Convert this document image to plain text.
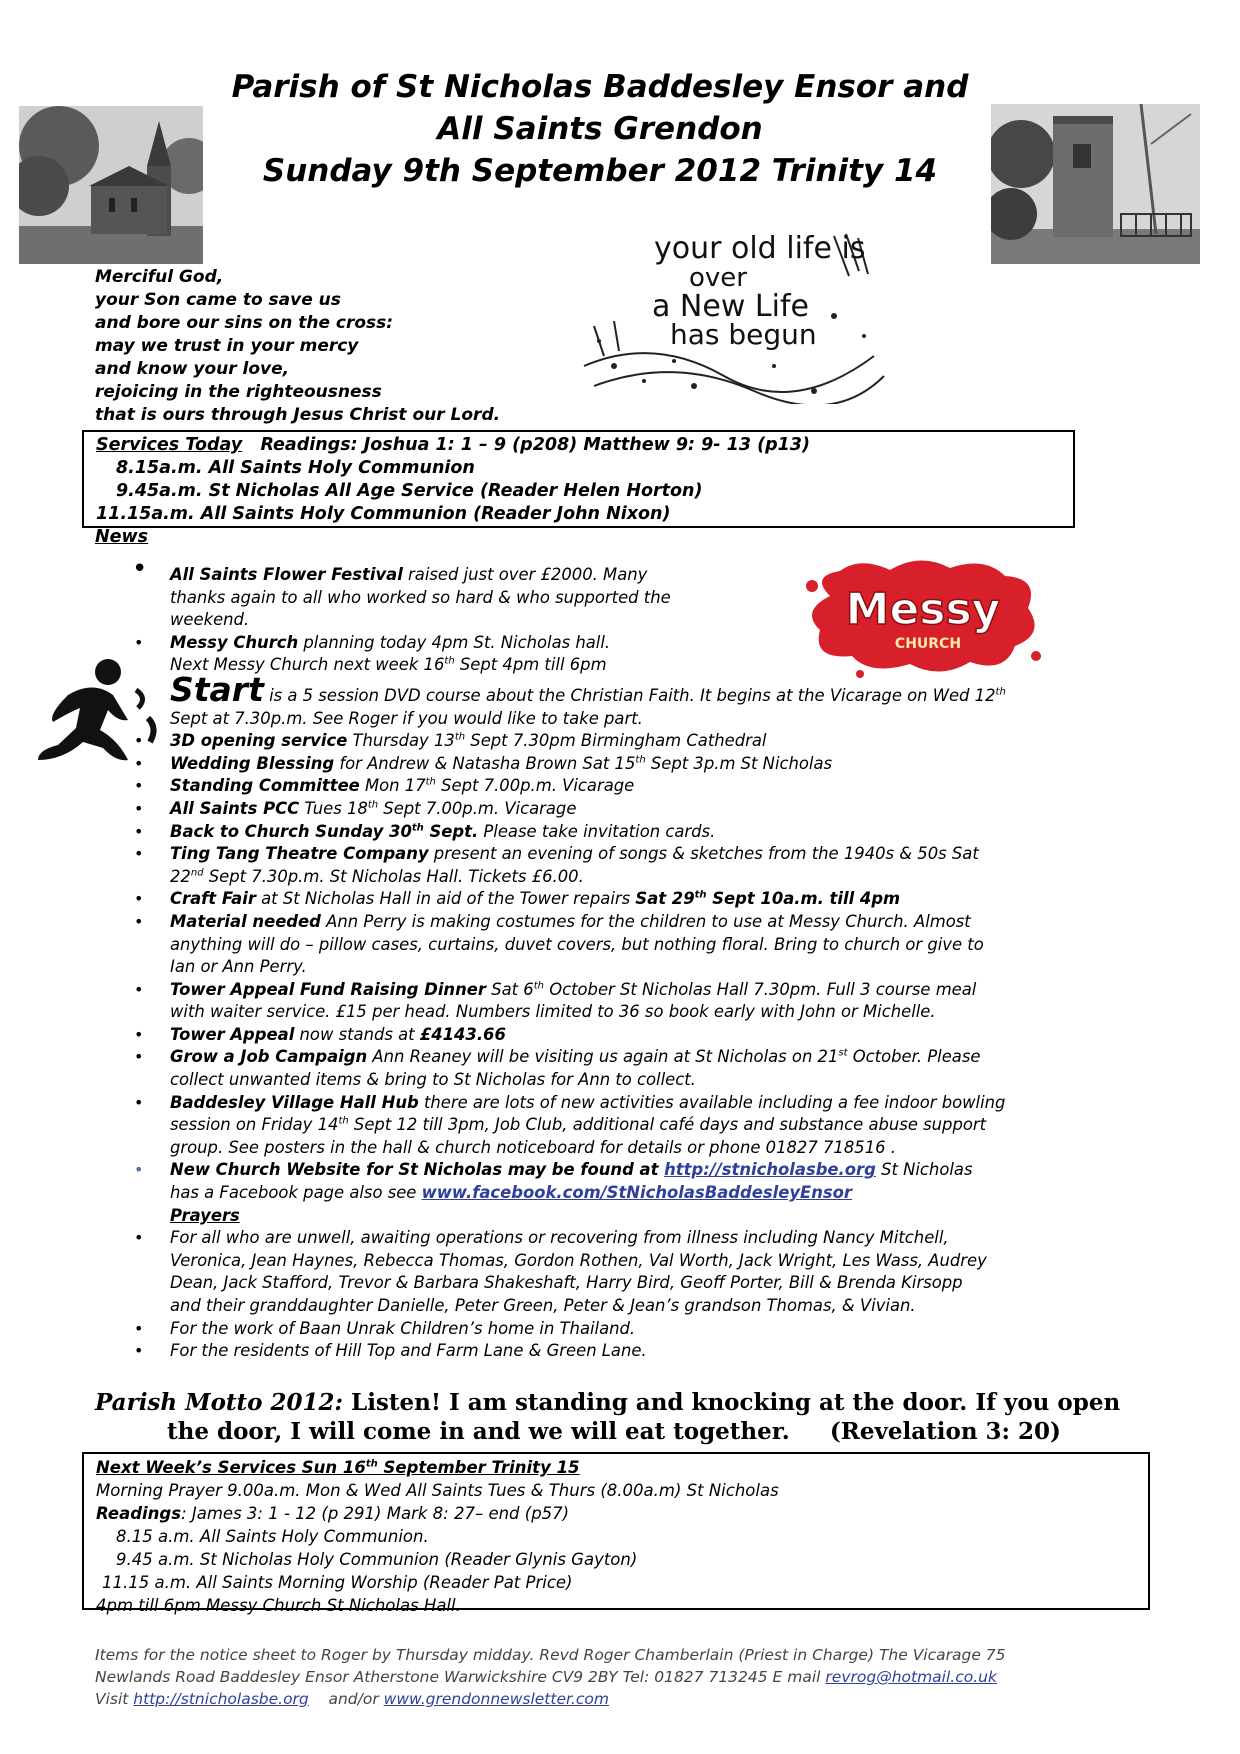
Parish of St Nicholas Baddesley Ensor and
All Saints Grendon
Sunday 9th September 2012 Trinity 14
your old life is
over
a New Life
has begun
Merciful God,
your Son came to save us
and bore our sins on the cross:
may we trust in your mercy
and know your love,
rejoicing in the righteousness
that is ours through Jesus Christ our Lord.
Services Today Readings: Joshua 1: 1 – 9 (p208) Matthew 9: 9- 13 (p13)
8.15a.m. All Saints Holy Communion
9.45a.m. St Nicholas All Age Service (Reader Helen Horton)
11.15a.m. All Saints Holy Communion (Reader John Nixon)
News
Messy
CHURCH
• All Saints Flower Festival raised just over £2000. Many
thanks again to all who worked so hard & who supported the
weekend.
• Messy Church planning today 4pm St. Nicholas hall.
Next Messy Church next week 16th Sept 4pm till 6pm
Start is a 5 session DVD course about the Christian Faith. It begins at the Vicarage on Wed 12th
Sept at 7.30p.m. See Roger if you would like to take part.
• 3D opening service Thursday 13th Sept 7.30pm Birmingham Cathedral
• Wedding Blessing for Andrew & Natasha Brown Sat 15th Sept 3p.m St Nicholas
• Standing Committee Mon 17th Sept 7.00p.m. Vicarage
• All Saints PCC Tues 18th Sept 7.00p.m. Vicarage
• Back to Church Sunday 30th Sept. Please take invitation cards.
• Ting Tang Theatre Company present an evening of songs & sketches from the 1940s & 50s Sat
22nd Sept 7.30p.m. St Nicholas Hall. Tickets £6.00.
• Craft Fair at St Nicholas Hall in aid of the Tower repairs Sat 29th Sept 10a.m. till 4pm
• Material needed Ann Perry is making costumes for the children to use at Messy Church. Almost
anything will do – pillow cases, curtains, duvet covers, but nothing floral. Bring to church or give to
Ian or Ann Perry.
• Tower Appeal Fund Raising Dinner Sat 6th October St Nicholas Hall 7.30pm. Full 3 course meal
with waiter service. £15 per head. Numbers limited to 36 so book early with John or Michelle.
• Tower Appeal now stands at £4143.66
• Grow a Job Campaign Ann Reaney will be visiting us again at St Nicholas on 21st October. Please
collect unwanted items & bring to St Nicholas for Ann to collect.
• Baddesley Village Hall Hub there are lots of new activities available including a fee indoor bowling
session on Friday 14th Sept 12 till 3pm, Job Club, additional café days and substance abuse support
group. See posters in the hall & church noticeboard for details or phone 01827 718516 .
• New Church Website for St Nicholas may be found at http://stnicholasbe.org St Nicholas
has a Facebook page also see www.facebook.com/StNicholasBaddesleyEnsor
Prayers
• For all who are unwell, awaiting operations or recovering from illness including Nancy Mitchell,
Veronica, Jean Haynes, Rebecca Thomas, Gordon Rothen, Val Worth, Jack Wright, Les Wass, Audrey
Dean, Jack Stafford, Trevor & Barbara Shakeshaft, Harry Bird, Geoff Porter, Bill & Brenda Kirsopp
and their granddaughter Danielle, Peter Green, Peter & Jean’s grandson Thomas, & Vivian.
• For the work of Baan Unrak Children’s home in Thailand.
• For the residents of Hill Top and Farm Lane & Green Lane.
Parish Motto 2012: Listen! I am standing and knocking at the door. If you open
the door, I will come in and we will eat together. (Revelation 3: 20)
Next Week’s Services Sun 16th September Trinity 15
Morning Prayer 9.00a.m. Mon & Wed All Saints Tues & Thurs (8.00a.m) St Nicholas
Readings: James 3: 1 - 12 (p 291) Mark 8: 27– end (p57)
8.15 a.m. All Saints Holy Communion.
9.45 a.m. St Nicholas Holy Communion (Reader Glynis Gayton)
11.15 a.m. All Saints Morning Worship (Reader Pat Price)
4pm till 6pm Messy Church St Nicholas Hall.
Items for the notice sheet to Roger by Thursday midday. Revd Roger Chamberlain (Priest in Charge) The Vicarage 75
Newlands Road Baddesley Ensor Atherstone Warwickshire CV9 2BY Tel: 01827 713245 E mail revrog@hotmail.co.uk
Visit http://stnicholasbe.org    and/or www.grendonnewsletter.com
